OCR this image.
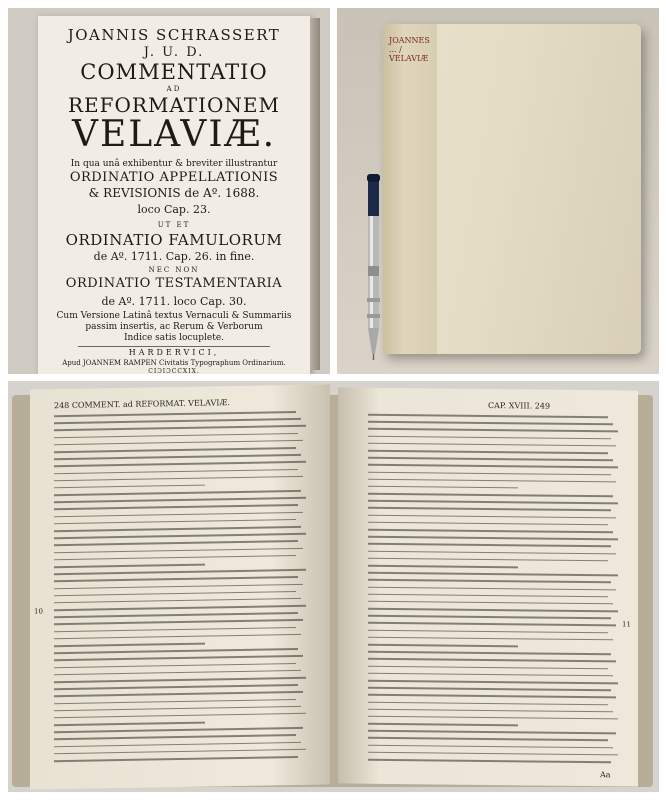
JOANNIS SCHRASSERT
J. U. D.
COMMENTATIO
AD
REFORMATIONEM
VELAVIÆ.
In qua unâ exhibentur & breviter illustrantur
ORDINATIO APPELLATIONIS
& REVISIONIS de Aº. 1688.
loco Cap. 23.
UT ET
ORDINATIO FAMULORUM
de Aº. 1711. Cap. 26. in fine.
NEC NON
ORDINATIO TESTAMENTARIA
de Aº. 1711. loco Cap. 30.
Cum Versione Latinâ textus Vernaculi & Summariis
passim insertis, ac Rerum & Verborum
Indice satis locuplete.
HARDERVICI,
Apud JOANNEM RAMPEN Civitatis Typographum Ordinarium.
CIƆIƆCCXIX.
JOANNES ... / VELAVIÆ
248 COMMENT. ad REFORMAT. VELAVIÆ.
10
CAP. XVIII. 249
11
Aa
